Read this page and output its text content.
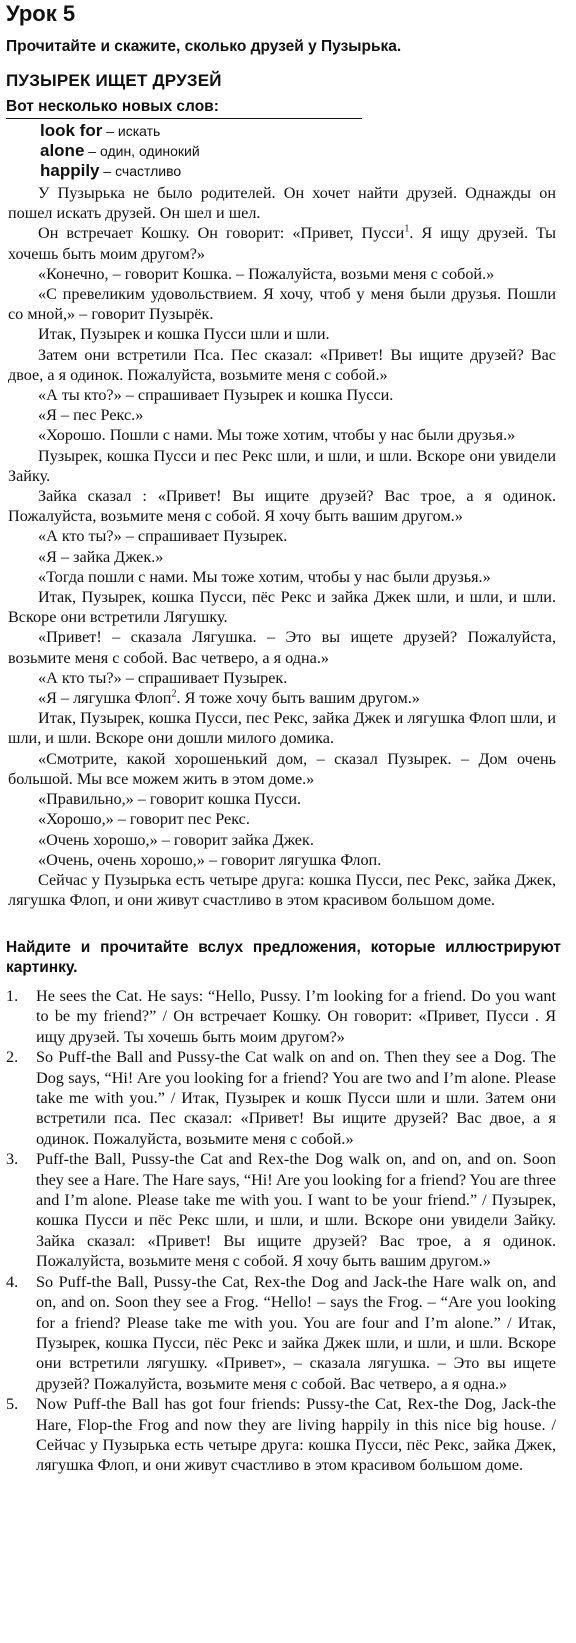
Урок 5
Прочитайте и скажите, сколько друзей у Пузырька.
ПУЗЫРЕК ИЩЕТ ДРУЗЕЙ
Вот несколько новых слов:
look for – искать
alone – один, одинокий
happily – счастливо

У Пузырька не было родителей. Он хочет найти друзей. Однажды он пошел искать друзей. Он шел и шел.

Он встречает Кошку. Он говорит: «Привет, Пусси$^1$. Я ищу друзей. Ты хочешь быть моим другом?»

«Конечно, – говорит Кошка. – Пожалуйста, возьми меня с собой.»

«С превеликим удовольствием. Я хочу, чтоб у меня были друзья. Пошли со мной,» – говорит Пузырёк.

Итак, Пузырек и кошка Пусси шли и шли.

Затем они встретили Пса. Пес сказал: «Привет! Вы ищите друзей? Вас двое, а я одинок. Пожалуйста, возьмите меня с собой.»

«А ты кто?» – спрашивает Пузырек и кошка Пусси.

«Я – пес Рекс.»

«Хорошо. Пошли с нами. Мы тоже хотим, чтобы у нас были друзья.»

Пузырек, кошка Пусси и пес Рекс шли, и шли, и шли. Вскоре они увидели Зайку.

Зайка сказал : «Привет! Вы ищите друзей? Вас трое, а я одинок. Пожалуйста, возьмите меня с собой. Я хочу быть вашим другом.»

«А кто ты?» – спрашивает Пузырек.

«Я – зайка Джек.»

«Тогда пошли с нами. Мы тоже хотим, чтобы у нас были друзья.»

Итак, Пузырек, кошка Пусси, пёс Рекс и зайка Джек шли, и шли, и шли. Вскоре они встретили Лягушку.

«Привет! – сказала Лягушка. – Это вы ищете друзей? Пожалуйста, возьмите меня с собой. Вас четверо, а я одна.»

«А кто ты?» – спрашивает Пузырек.

«Я – лягушка Флоп$^2$. Я тоже хочу быть вашим другом.»

Итак, Пузырек, кошка Пусси, пес Рекс, зайка Джек и лягушка Флоп шли, и шли, и шли. Вскоре они дошли милого домика.

«Смотрите, какой хорошенький дом, – сказал Пузырек. – Дом очень большой. Мы все можем жить в этом доме.»

«Правильно,» – говорит кошка Пусси.

«Хорошо,» – говорит пес Рекс.

«Очень хорошо,» – говорит зайка Джек.

«Очень, очень хорошо,» – говорит лягушка Флоп.

Сейчас у Пузырька есть четыре друга: кошка Пусси, пес Рекс, зайка Джек, лягушка Флоп, и они живут счастливо в этом красивом большом доме.

Найдите и прочитайте вслух предложения, которые иллюстрируют картинку.
1. He sees the Cat. He says: “Hello, Pussy. I’m looking for a friend. Do you want to be my friend?” / Он встречает Кошку. Он говорит: «Привет, Пусси . Я ищу друзей. Ты хочешь быть моим другом?»
2. So Puff-the Ball and Pussy-the Cat walk on and on. Then they see a Dog. The Dog says, “Hi! Are you looking for a friend? You are two and I’m alone. Please take me with you.” / Итак, Пузырек и кошк Пусси шли и шли. Затем они встретили пса. Пес сказал: «Привет! Вы ищите друзей? Вас двое, а я одинок. Пожалуйста, возьмите меня с собой.»
3. Puff-the Ball, Pussy-the Cat and Rex-the Dog walk on, and on, and on. Soon they see a Hare. The Hare says, “Hi! Are you looking for a friend? You are three and I’m alone. Please take me with you. I want to be your friend.” / Пузырек, кошка Пусси и пёс Рекс шли, и шли, и шли. Вскоре они увидели Зайку. Зайка сказал: «Привет! Вы ищите друзей? Вас трое, а я одинок. Пожалуйста, возьмите меня с собой. Я хочу быть вашим другом.»
4. So Puff-the Ball, Pussy-the Cat, Rex-the Dog and Jack-the Hare walk on, and on, and on. Soon they see a Frog. “Hello! – says the Frog. – “Are you looking for a friend? Please take me with you. You are four and I’m alone.” / Итак, Пузырек, кошка Пусси, пёс Рекс и зайка Джек шли, и шли, и шли. Вскоре они встретили лягушку. «Привет», – сказала лягушка. – Это вы ищете друзей? Пожалуйста, возьмите меня с собой. Вас четверо, а я одна.»
5. Now Puff-the Ball has got four friends: Pussy-the Cat, Rex-the Dog, Jack-the Hare, Flop-the Frog and now they are living happily in this nice big house. / Сейчас у Пузырька есть четыре друга: кошка Пусси, пёс Рекс, зайка Джек, лягушка Флоп, и они живут счастливо в этом красивом большом доме.
